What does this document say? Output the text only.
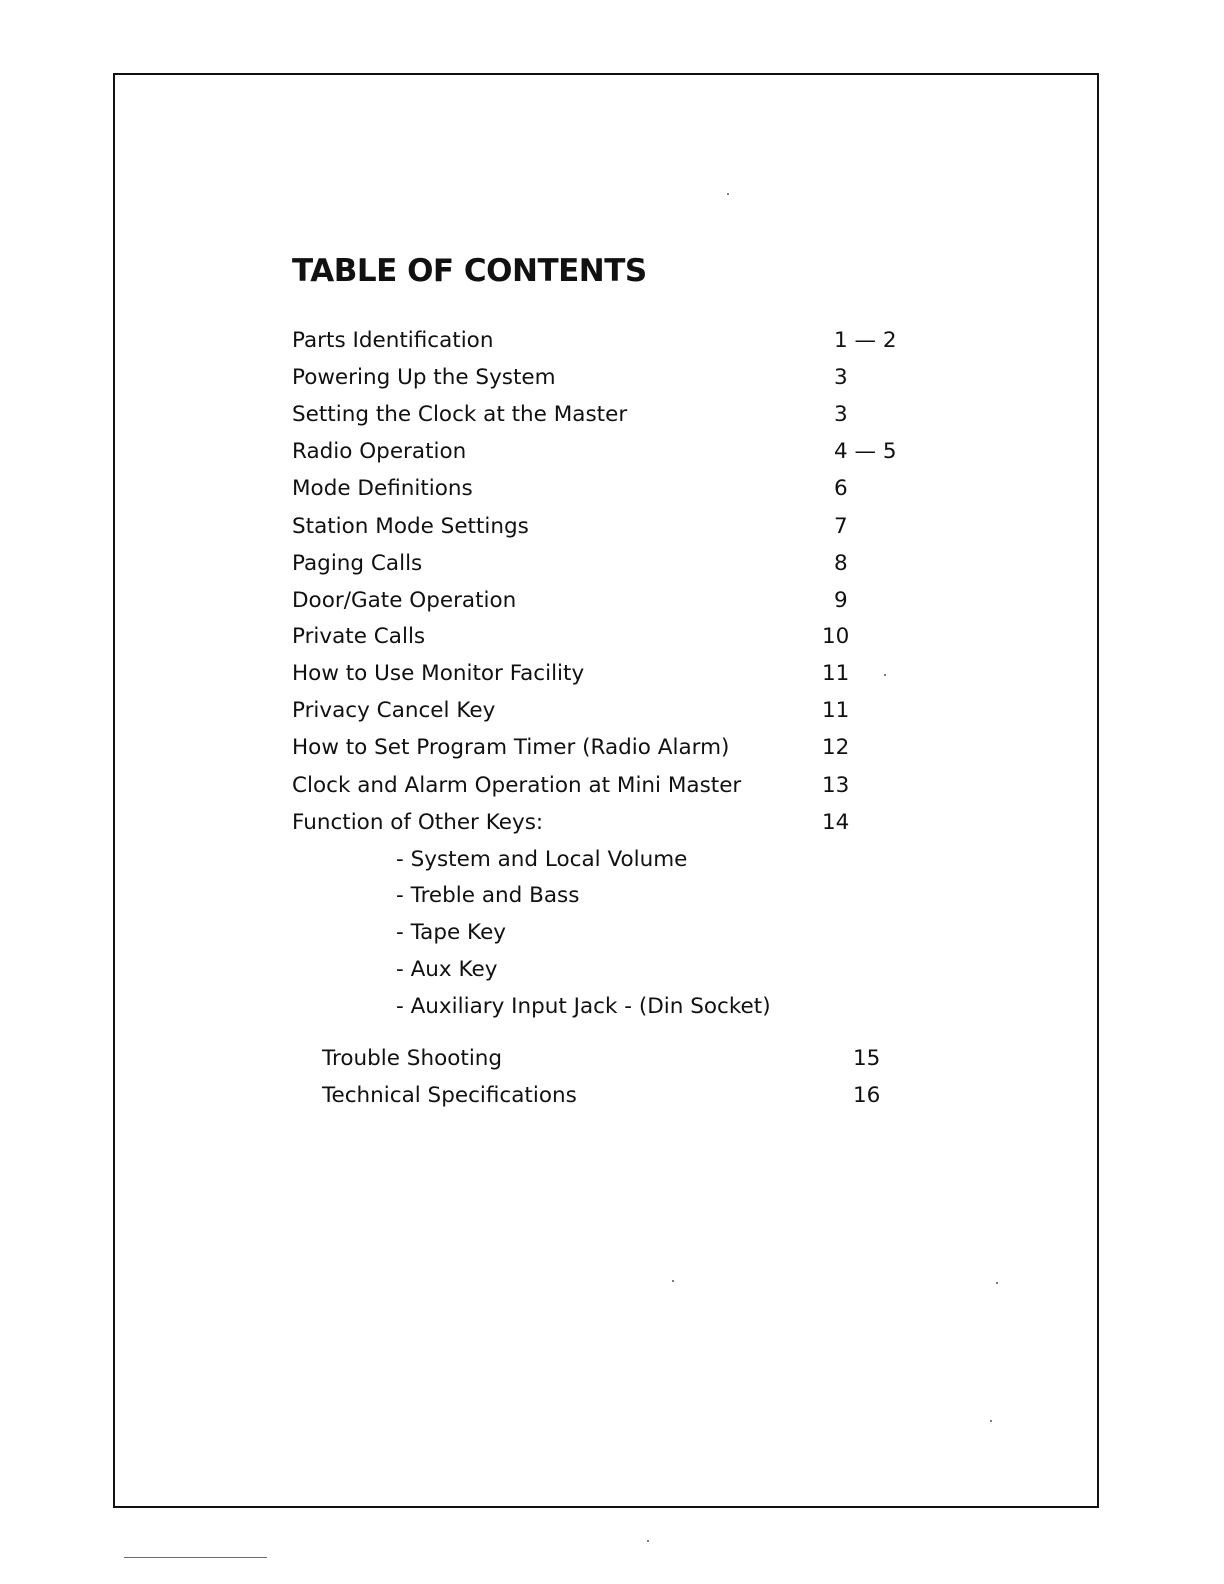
TABLE OF CONTENTS
Parts Identification	1 — 2
Powering Up the System	3
Setting the Clock at the Master	3
Radio Operation	4 — 5
Mode Definitions	6
Station Mode Settings	7
Paging Calls	8
Door/Gate Operation	9
Private Calls	10
How to Use Monitor Facility	11
Privacy Cancel Key	11
How to Set Program Timer (Radio Alarm)	12
Clock and Alarm Operation at Mini Master	13
Function of Other Keys:	14
- System and Local Volume
- Treble and Bass
- Tape Key
- Aux Key
- Auxiliary Input Jack - (Din Socket)
Trouble Shooting	15
Technical Specifications	16
